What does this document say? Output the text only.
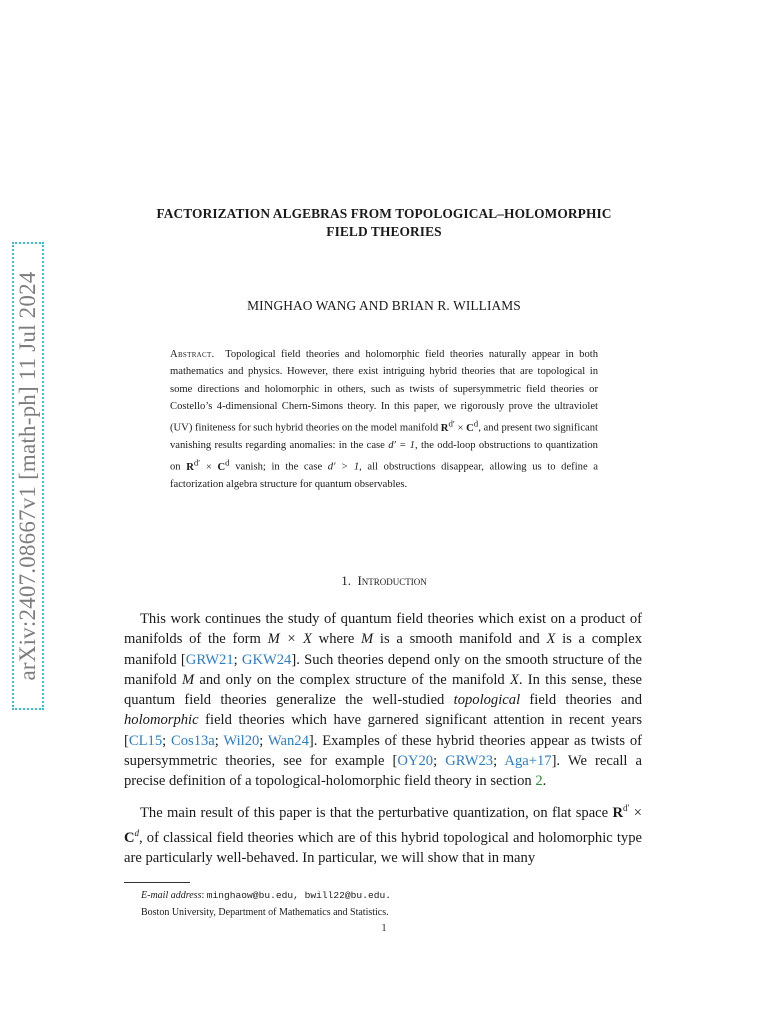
arXiv:2407.08667v1 [math-ph] 11 Jul 2024
FACTORIZATION ALGEBRAS FROM TOPOLOGICAL–HOLOMORPHIC
FIELD THEORIES
MINGHAO WANG AND BRIAN R. WILLIAMS
Abstract. Topological field theories and holomorphic field theories naturally appear in both mathematics and physics. However, there exist intriguing hybrid theories that are topological in some directions and holomorphic in others, such as twists of supersymmetric field theories or Costello’s 4-dimensional Chern-Simons theory. In this paper, we rigorously prove the ultraviolet (UV) finiteness for such hybrid theories on the model manifold $R^{d'} \times C^d$, and present two significant vanishing results regarding anomalies: in the case d′ = 1, the odd-loop obstructions to quantization on $R^{d'} \times C^d$ vanish; in the case d′ > 1, all obstructions disappear, allowing us to define a factorization algebra structure for quantum observables.
1. Introduction
This work continues the study of quantum field theories which exist on a product of manifolds of the form M × X where M is a smooth manifold and X is a complex manifold [GRW21; GKW24]. Such theories depend only on the smooth structure of the manifold M and only on the complex structure of the manifold X. In this sense, these quantum field theories generalize the well-studied topological field theories and holomorphic field theories which have garnered significant attention in recent years [CL15; Cos13a; Wil20; Wan24]. Examples of these hybrid theories appear as twists of supersymmetric theories, see for example [OY20; GRW23; Aga+17]. We recall a precise definition of a topological-holomorphic field theory in section 2.
The main result of this paper is that the perturbative quantization, on flat space $R^{d'} \times C^d$, of classical field theories which are of this hybrid topological and holomorphic type are particularly well-behaved. In particular, we will show that in many
E-mail address: minghaow@bu.edu, bwill22@bu.edu.
Boston University, Department of Mathematics and Statistics.
1
